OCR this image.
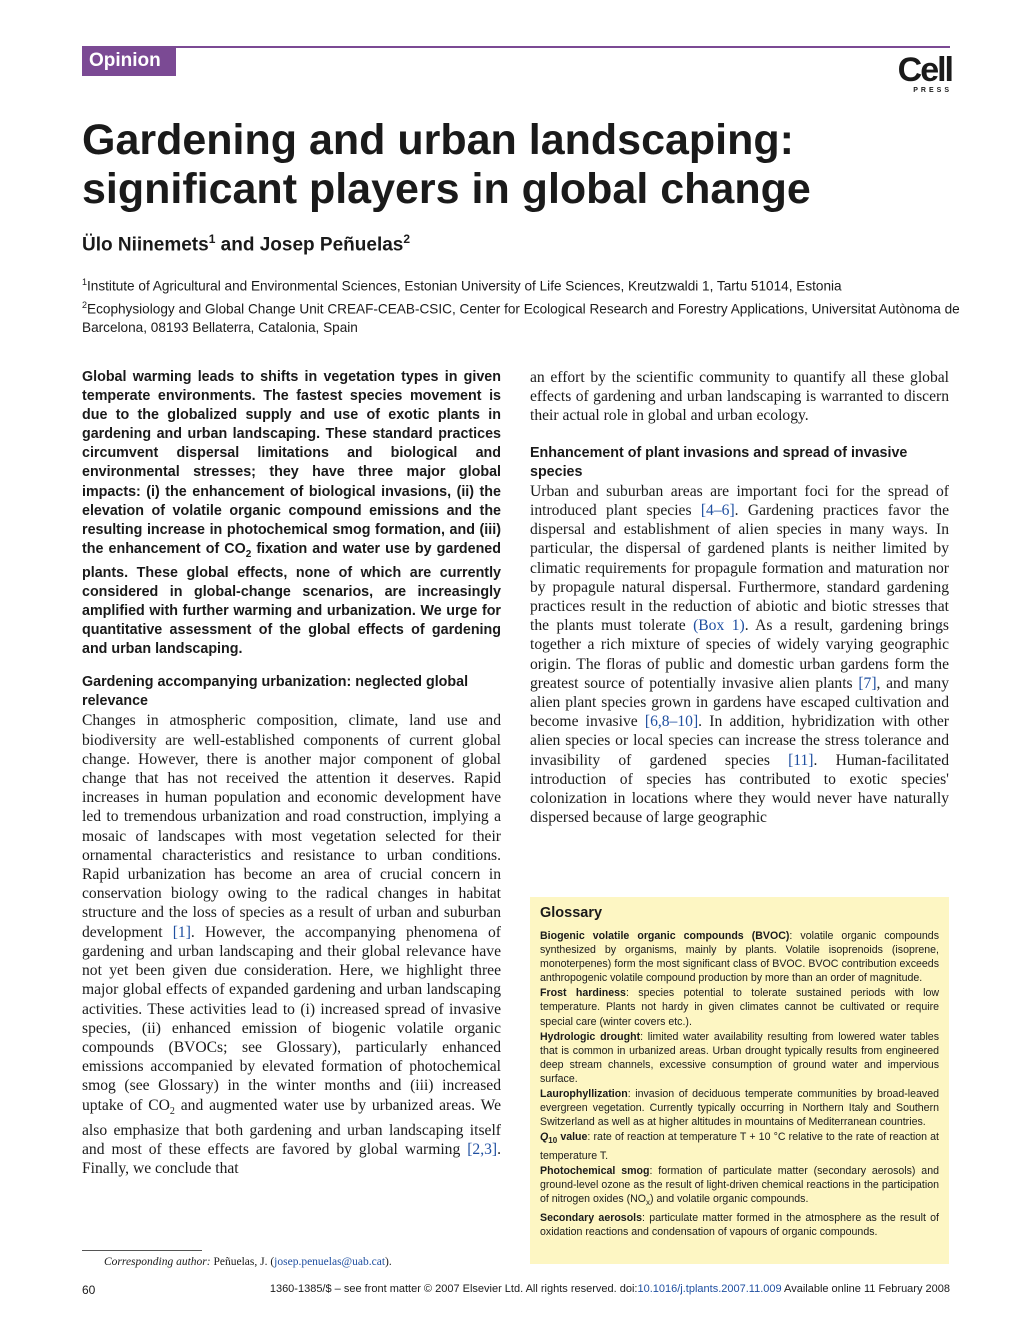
Opinion	Cell
PRESS
Gardening and urban landscaping: significant players in global change
Ülo Niinemets$^1$ and Josep Peñuelas$^2$
$^1$Institute of Agricultural and Environmental Sciences, Estonian University of Life Sciences, Kreutzwaldi 1, Tartu 51014, Estonia
$^2$Ecophysiology and Global Change Unit CREAF-CEAB-CSIC, Center for Ecological Research and Forestry Applications, Universitat Autònoma de Barcelona, 08193 Bellaterra, Catalonia, Spain

Global warming leads to shifts in vegetation types in given temperate environments. The fastest species movement is due to the globalized supply and use of exotic plants in gardening and urban landscaping. These standard practices circumvent dispersal limitations and biological and environmental stresses; they have three major global impacts: (i) the enhancement of biological invasions, (ii) the elevation of volatile organic compound emissions and the resulting increase in photochemical smog formation, and (iii) the enhancement of $CO_2$ fixation and water use by gardened plants. These global effects, none of which are currently considered in global-change scenarios, are increasingly amplified with further warming and urbanization. We urge for quantitative assessment of the global effects of gardening and urban landscaping.

Gardening accompanying urbanization: neglected global relevance

Changes in atmospheric composition, climate, land use and biodiversity are well-established components of current global change. However, there is another major component of global change that has not received the attention it deserves. Rapid increases in human population and economic development have led to tremendous urbanization and road construction, implying a mosaic of landscapes with most vegetation selected for their ornamental characteristics and resistance to urban conditions. Rapid urbanization has become an area of crucial concern in conservation biology owing to the radical changes in habitat structure and the loss of species as a result of urban and suburban development [1]. However, the accompanying phenomena of gardening and urban landscaping and their global relevance have not yet been given due consideration. Here, we highlight three major global effects of expanded gardening and urban landscaping activities. These activities lead to (i) increased spread of invasive species, (ii) enhanced emission of biogenic volatile organic compounds (BVOCs; see Glossary), particularly enhanced emissions accompanied by elevated formation of photochemical smog (see Glossary) in the winter months and (iii) increased uptake of $CO_2$ and augmented water use by urbanized areas. We also emphasize that both gardening and urban landscaping itself and most of these effects are favored by global warming [2,3]. Finally, we conclude that

an effort by the scientific community to quantify all these global effects of gardening and urban landscaping is warranted to discern their actual role in global and urban ecology.

Enhancement of plant invasions and spread of invasive species

Urban and suburban areas are important foci for the spread of introduced plant species [4–6]. Gardening practices favor the dispersal and establishment of alien species in many ways. In particular, the dispersal of gardened plants is neither limited by climatic requirements for propagule formation and maturation nor by propagule natural dispersal. Furthermore, standard gardening practices result in the reduction of abiotic and biotic stresses that the plants must tolerate (Box 1). As a result, gardening brings together a rich mixture of species of widely varying geographic origin. The floras of public and domestic urban gardens form the greatest source of potentially invasive alien plants [7], and many alien plant species grown in gardens have escaped cultivation and become invasive [6,8–10]. In addition, hybridization with other alien species or local species can increase the stress tolerance and invasibility of gardened species [11]. Human-facilitated introduction of species has contributed to exotic species' colonization in locations where they would never have naturally dispersed because of large geographic

Glossary

Biogenic volatile organic compounds (BVOC): volatile organic compounds synthesized by organisms, mainly by plants. Volatile isoprenoids (isoprene, monoterpenes) form the most significant class of BVOC. BVOC contribution exceeds anthropogenic volatile compound production by more than an order of magnitude.

Frost hardiness: species potential to tolerate sustained periods with low temperature. Plants not hardy in given climates cannot be cultivated or require special care (winter covers etc.).

Hydrologic drought: limited water availability resulting from lowered water tables that is common in urbanized areas. Urban drought typically results from engineered deep stream channels, excessive consumption of ground water and impervious surface.

Laurophyllization: invasion of deciduous temperate communities by broad-leaved evergreen vegetation. Currently typically occurring in Northern Italy and Southern Switzerland as well as at higher altitudes in mountains of Mediterranean countries.

$Q_{10}$ value: rate of reaction at temperature T + 10 °C relative to the rate of reaction at temperature T.

Photochemical smog: formation of particulate matter (secondary aerosols) and ground-level ozone as the result of light-driven chemical reactions in the participation of nitrogen oxides $(NO_x)$ and volatile organic compounds.

Secondary aerosols: particulate matter formed in the atmosphere as the result of oxidation reactions and condensation of vapours of organic compounds.

Corresponding author: Peñuelas, J. (josep.penuelas@uab.cat).
60	1360-1385/$ – see front matter © 2007 Elsevier Ltd. All rights reserved. doi:10.1016/j.tplants.2007.11.009 Available online 11 February 2008
